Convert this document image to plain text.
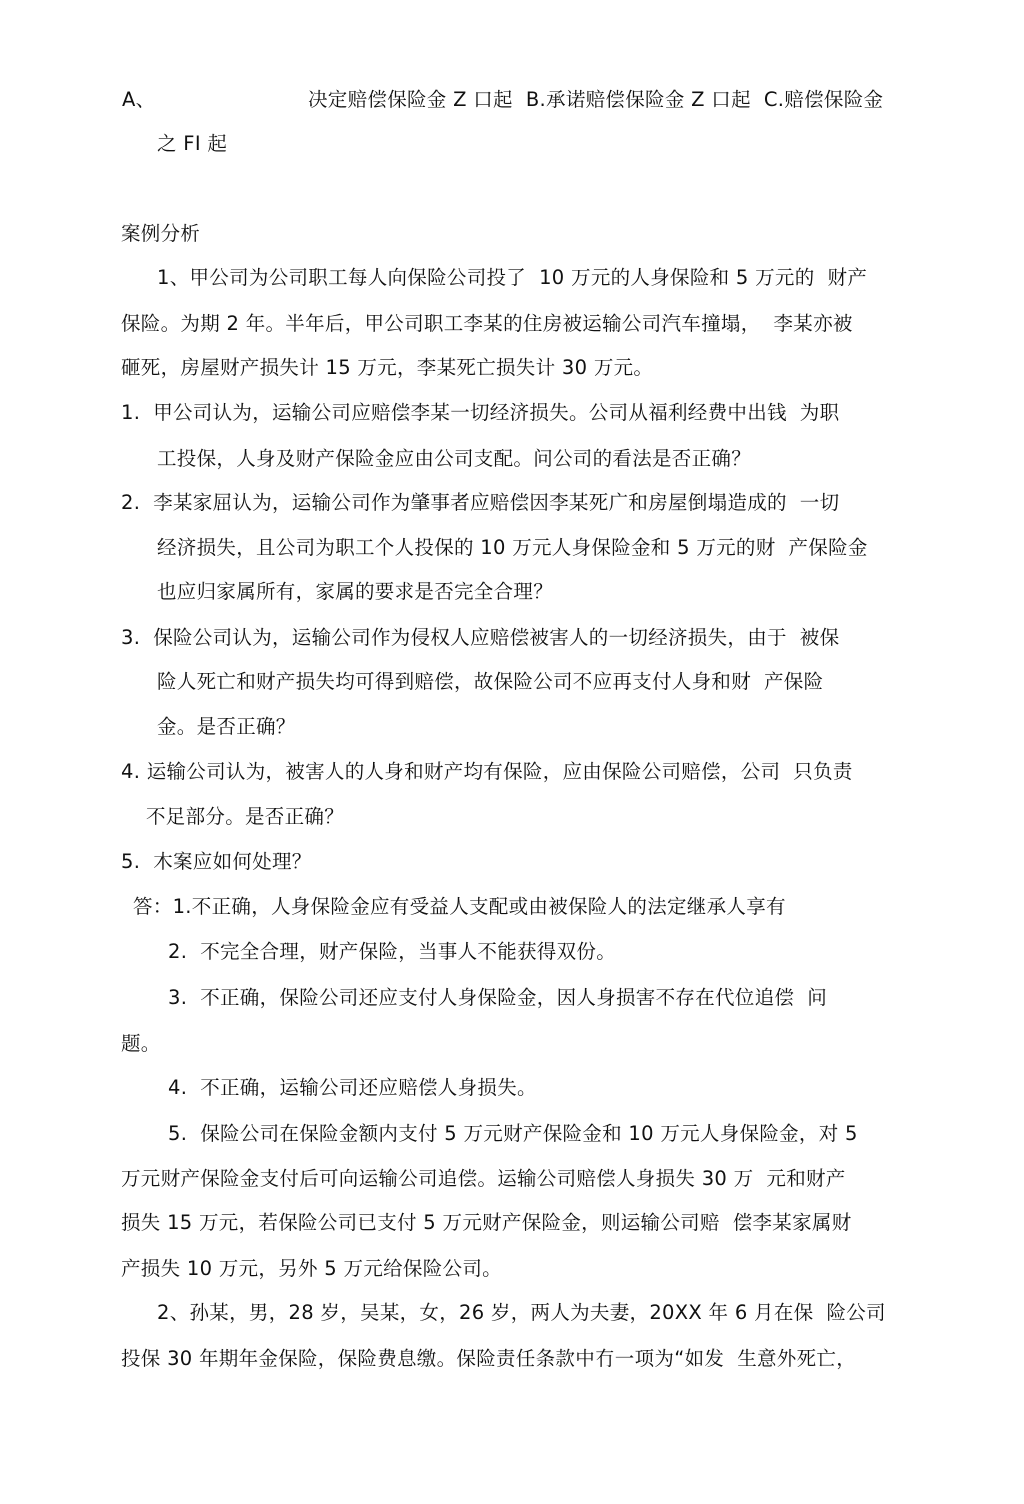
A、	决定赔偿保险金 Z 口起  B.承诺赔偿保险金 Z 口起  C.赔偿保险金
之 FI 起
案例分析
1、甲公司为公司职工每人向保险公司投了  10 万元的人身保险和 5 万元的  财产
保险。为期 2 年。半年后，甲公司职工李某的住房被运输公司汽车撞塌，  李某亦被
砸死，房屋财产损失计 15 万元，李某死亡损失计 30 万元。
1.  甲公司认为，运输公司应赔偿李某一切经济损失。公司从福利经费中出钱  为职
工投保，人身及财产保险金应由公司支配。问公司的看法是否正确？
2.  李某家屈认为，运输公司作为肇事者应赔偿因李某死广和房屋倒塌造成的  一切
经济损失，且公司为职工个人投保的 10 万元人身保险金和 5 万元的财  产保险金
也应归家属所有，家属的要求是否完全合理？
3.  保险公司认为，运输公司作为侵权人应赔偿被害人的一切经济损失，由于  被保
险人死亡和财产损失均可得到赔偿，故保险公司不应再支付人身和财  产保险
金。是否正确？
4. 运输公司认为，被害人的人身和财产均有保险，应由保险公司赔偿，公司  只负责
不足部分。是否正确？
5.  木案应如何处理？
答：1.不正确，人身保险金应有受益人支配或由被保险人的法定继承人享有
2.  不完全合理，财产保险，当事人不能获得双份。
3.  不正确，保险公司还应支付人身保险金，因人身损害不存在代位追偿  问
题。
4.  不正确，运输公司还应赔偿人身损失。
5.  保险公司在保险金额内支付 5 万元财产保险金和 10 万元人身保险金，对 5
万元财产保险金支付后可向运输公司追偿。运输公司赔偿人身损失 30 万  元和财产
损失 15 万元，若保险公司已支付 5 万元财产保险金，则运输公司赔  偿李某家属财
产损失 10 万元，另外 5 万元给保险公司。
2、孙某，男，28 岁，吴某，女，26 岁，两人为夫妻，20XX 年 6 月在保  险公司
投保 30 年期年金保险，保险费息缴。保险责任条款中冇一项为“如发  生意外死亡，
